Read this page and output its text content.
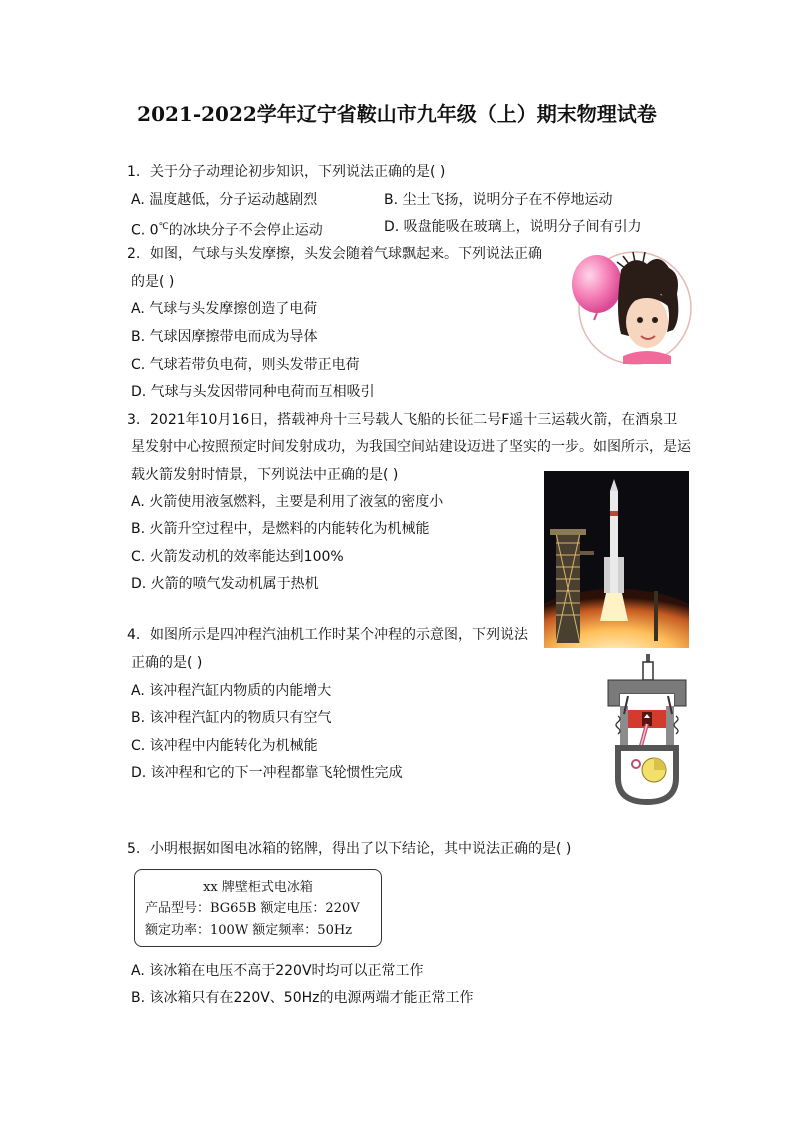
2021-2022学年辽宁省鞍山市九年级（上）期末物理试卷
1. 关于分子动理论初步知识，下列说法正确的是( )
A. 温度越低，分子运动越剧烈	B. 尘土飞扬，说明分子在不停地运动
C. 0℃的冰块分子不会停止运动	D. 吸盘能吸在玻璃上，说明分子间有引力
2. 如图，气球与头发摩擦，头发会随着气球飘起来。下列说法正确
的是( )
A. 气球与头发摩擦创造了电荷
B. 气球因摩擦带电而成为导体
C. 气球若带负电荷，则头发带正电荷
D. 气球与头发因带同种电荷而互相吸引
3. 2021年10月16日，搭载神舟十三号载人飞船的长征二号F遥十三运载火箭，在酒泉卫
星发射中心按照预定时间发射成功，为我国空间站建设迈进了坚实的一步。如图所示，是运
载火箭发射时情景，下列说法中正确的是( )
A. 火箭使用液氢燃料，主要是利用了液氢的密度小
B. 火箭升空过程中，是燃料的内能转化为机械能
C. 火箭发动机的效率能达到100%
D. 火箭的喷气发动机属于热机
4. 如图所示是四冲程汽油机工作时某个冲程的示意图，下列说法
正确的是( )
A. 该冲程汽缸内物质的内能增大
B. 该冲程汽缸内的物质只有空气
C. 该冲程中内能转化为机械能
D. 该冲程和它的下一冲程都靠飞轮惯性完成
5. 小明根据如图电冰箱的铭牌，得出了以下结论，其中说法正确的是( )
xx 牌壁柜式电冰箱
产品型号：BG65B 额定电压：220V
额定功率：100W 额定频率：50Hz
A. 该冰箱在电压不高于220V时均可以正常工作
B. 该冰箱只有在220V、50Hz的电源两端才能正常工作
